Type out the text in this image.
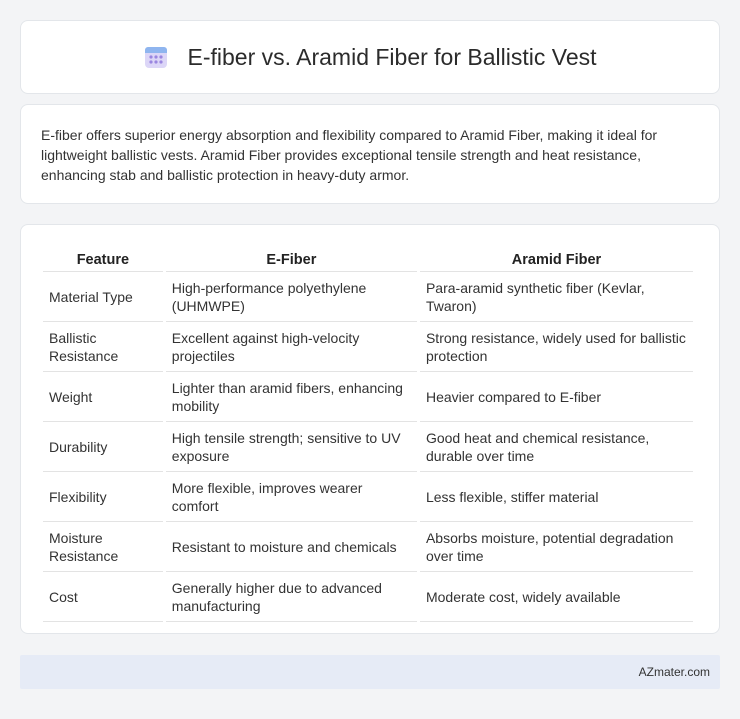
E-fiber vs. Aramid Fiber for Ballistic Vest

E-fiber offers superior energy absorption and flexibility compared to Aramid Fiber, making it ideal for lightweight ballistic vests. Aramid Fiber provides exceptional tensile strength and heat resistance, enhancing stab and ballistic protection in heavy-duty armor.

Feature	E-Fiber	Aramid Fiber
Material Type	High-performance polyethylene (UHMWPE)	Para-aramid synthetic fiber (Kevlar, Twaron)
Ballistic Resistance	Excellent against high-velocity projectiles	Strong resistance, widely used for ballistic protection
Weight	Lighter than aramid fibers, enhancing mobility	Heavier compared to E-fiber
Durability	High tensile strength; sensitive to UV exposure	Good heat and chemical resistance, durable over time
Flexibility	More flexible, improves wearer comfort	Less flexible, stiffer material
Moisture Resistance	Resistant to moisture and chemicals	Absorbs moisture, potential degradation over time
Cost	Generally higher due to advanced manufacturing	Moderate cost, widely available
AZmater.com
